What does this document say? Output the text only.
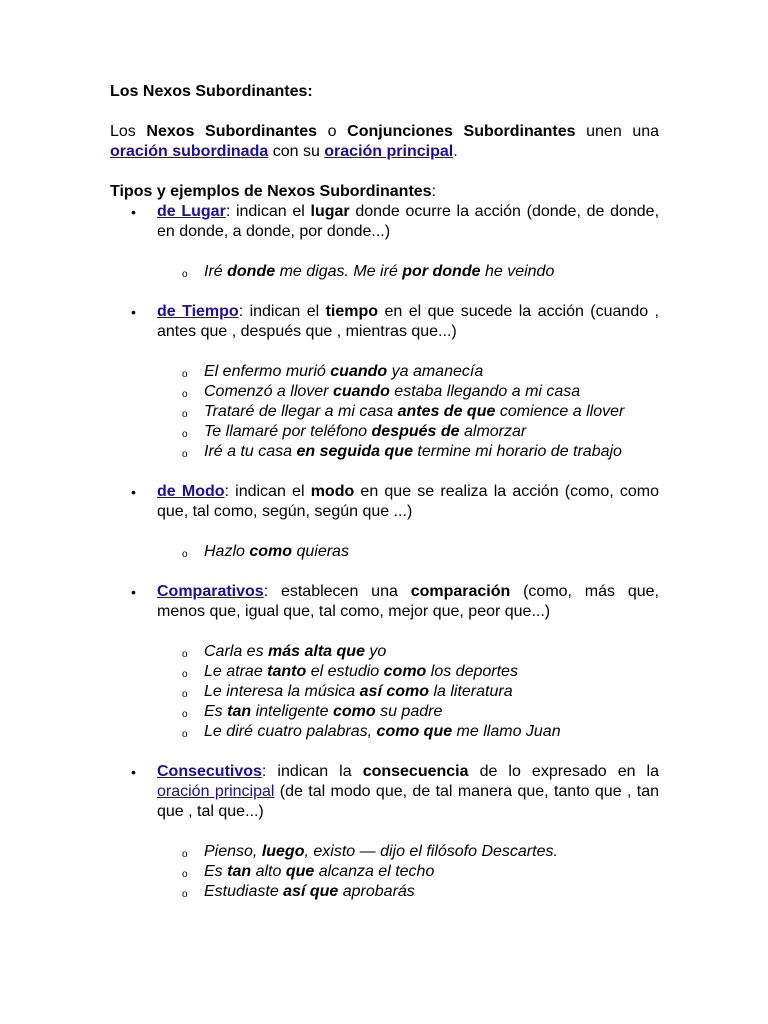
Los Nexos Subordinantes:

Los Nexos Subordinantes o Conjunciones Subordinantes unen una oración subordinada con su oración principal.

Tipos y ejemplos de Nexos Subordinantes:

• de Lugar: indican el lugar donde ocurre la acción (donde, de donde, en donde, a donde, por donde...)
o Iré donde me digas. Me iré por donde he veindo
• de Tiempo: indican el tiempo en el que sucede la acción (cuando , antes que , después que , mientras que...)
o El enfermo murió cuando ya amanecía
o Comenzó a llover cuando estaba llegando a mi casa
o Trataré de llegar a mi casa antes de que comience a llover
o Te llamaré por teléfono después de almorzar
o Iré a tu casa en seguida que termine mi horario de trabajo
• de Modo: indican el modo en que se realiza la acción (como, como que, tal como, según, según que ...)
o Hazlo como quieras
• Comparativos: establecen una comparación (como, más que, menos que, igual que, tal como, mejor que, peor que...)
o Carla es más alta que yo
o Le atrae tanto el estudio como los deportes
o Le interesa la música así como la literatura
o Es tan inteligente como su padre
o Le diré cuatro palabras, como que me llamo Juan
• Consecutivos: indican la consecuencia de lo expresado en la oración principal (de tal modo que, de tal manera que, tanto que , tan que , tal que...)
o Pienso, luego, existo — dijo el filósofo Descartes.
o Es tan alto que alcanza el techo
o Estudiaste así que aprobarás
